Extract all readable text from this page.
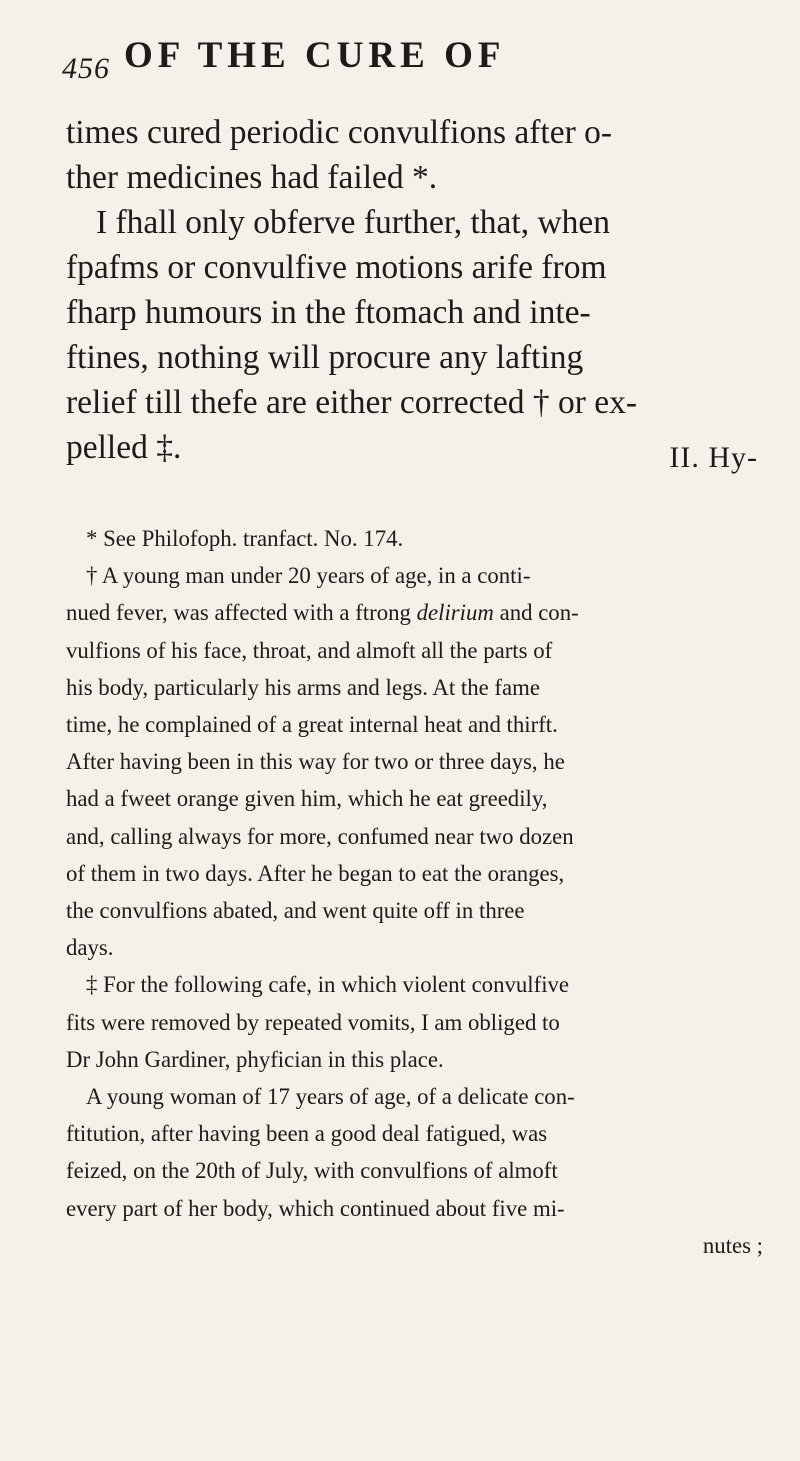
456 OF THE CURE OF

times cured periodic convulfions after o-
ther medicines had failed *.

I fhall only obferve further, that, when
fpafms or convulfive motions arife from
fharp humours in the ftomach and inte-
ftines, nothing will procure any lafting
relief till thefe are either corrected † or ex-
pelled ‡.	II. Hy-
* See Philofoph. tranfact. No. 174.
† A young man under 20 years of age, in a conti-
nued fever, was affected with a ftrong delirium and con-
vulfions of his face, throat, and almoft all the parts of
his body, particularly his arms and legs. At the fame
time, he complained of a great internal heat and thirft.
After having been in this way for two or three days, he
had a fweet orange given him, which he eat greedily,
and, calling always for more, confumed near two dozen
of them in two days. After he began to eat the oranges,
the convulfions abated, and went quite off in three
days.
‡ For the following cafe, in which violent convulfive
fits were removed by repeated vomits, I am obliged to
Dr John Gardiner, phyfician in this place.
A young woman of 17 years of age, of a delicate con-
ftitution, after having been a good deal fatigued, was
feized, on the 20th of July, with convulfions of almoft
every part of her body, which continued about five mi-
nutes ;
